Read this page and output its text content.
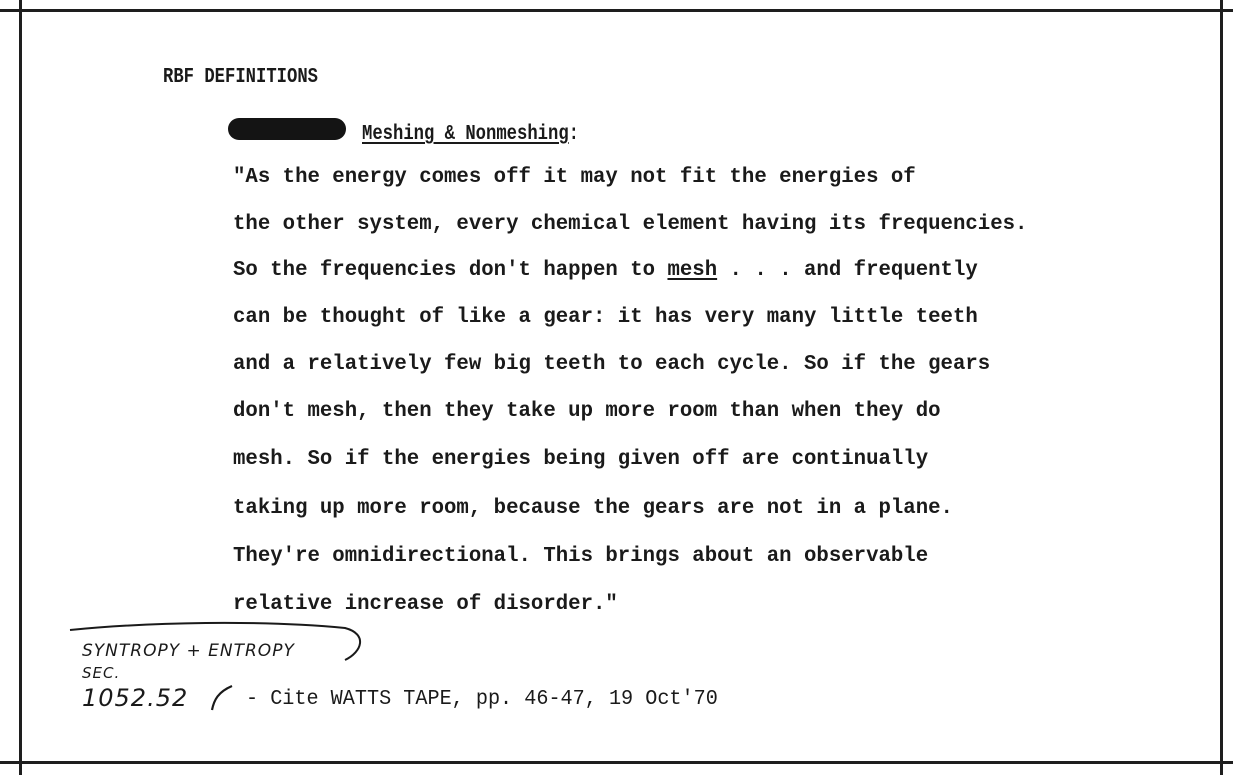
RBF DEFINITIONS
Meshing & Nonmeshing:
"As the energy comes off it may not fit the energies of
the other system, every chemical element having its frequencies.
So the frequencies don't happen to mesh . . . and frequently
can be thought of like a gear: it has very many little teeth
and a relatively few big teeth to each cycle. So if the gears
don't mesh, then they take up more room than when they do
mesh. So if the energies being given off are continually
taking up more room, because the gears are not in a plane.
They're omnidirectional. This brings about an observable
relative increase of disorder."
SYNTROPY + ENTROPY
SEC.
1052.52	- Cite WATTS TAPE, pp. 46-47, 19 Oct'70
